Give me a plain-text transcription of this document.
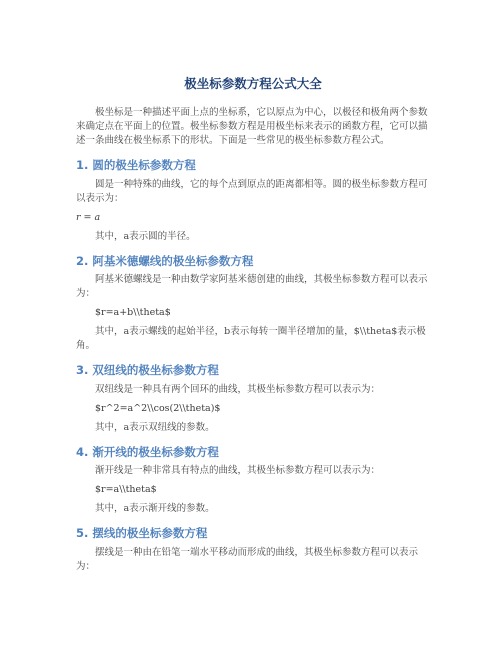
极坐标参数方程公式大全

极坐标是一种描述平面上点的坐标系，它以原点为中心，以极径和极角两个参数来确定点在平面上的位置。极坐标参数方程是用极坐标来表示的函数方程，它可以描述一条曲线在极坐标系下的形状。下面是一些常见的极坐标参数方程公式。

1. 圆的极坐标参数方程

圆是一种特殊的曲线，它的每个点到原点的距离都相等。圆的极坐标参数方程可以表示为：

r = a

其中，a表示圆的半径。

2. 阿基米德螺线的极坐标参数方程

阿基米德螺线是一种由数学家阿基米德创建的曲线，其极坐标参数方程可以表示为：

$r=a+b\\theta$

其中，a表示螺线的起始半径，b表示每转一圈半径增加的量，$\\theta$表示极角。

3. 双纽线的极坐标参数方程

双纽线是一种具有两个回环的曲线，其极坐标参数方程可以表示为：

$r^2=a^2\\cos(2\\theta)$

其中，a表示双纽线的参数。

4. 渐开线的极坐标参数方程

渐开线是一种非常具有特点的曲线，其极坐标参数方程可以表示为：

$r=a\\theta$

其中，a表示渐开线的参数。

5. 摆线的极坐标参数方程

摆线是一种由在铅笔一端水平移动而形成的曲线，其极坐标参数方程可以表示为：
